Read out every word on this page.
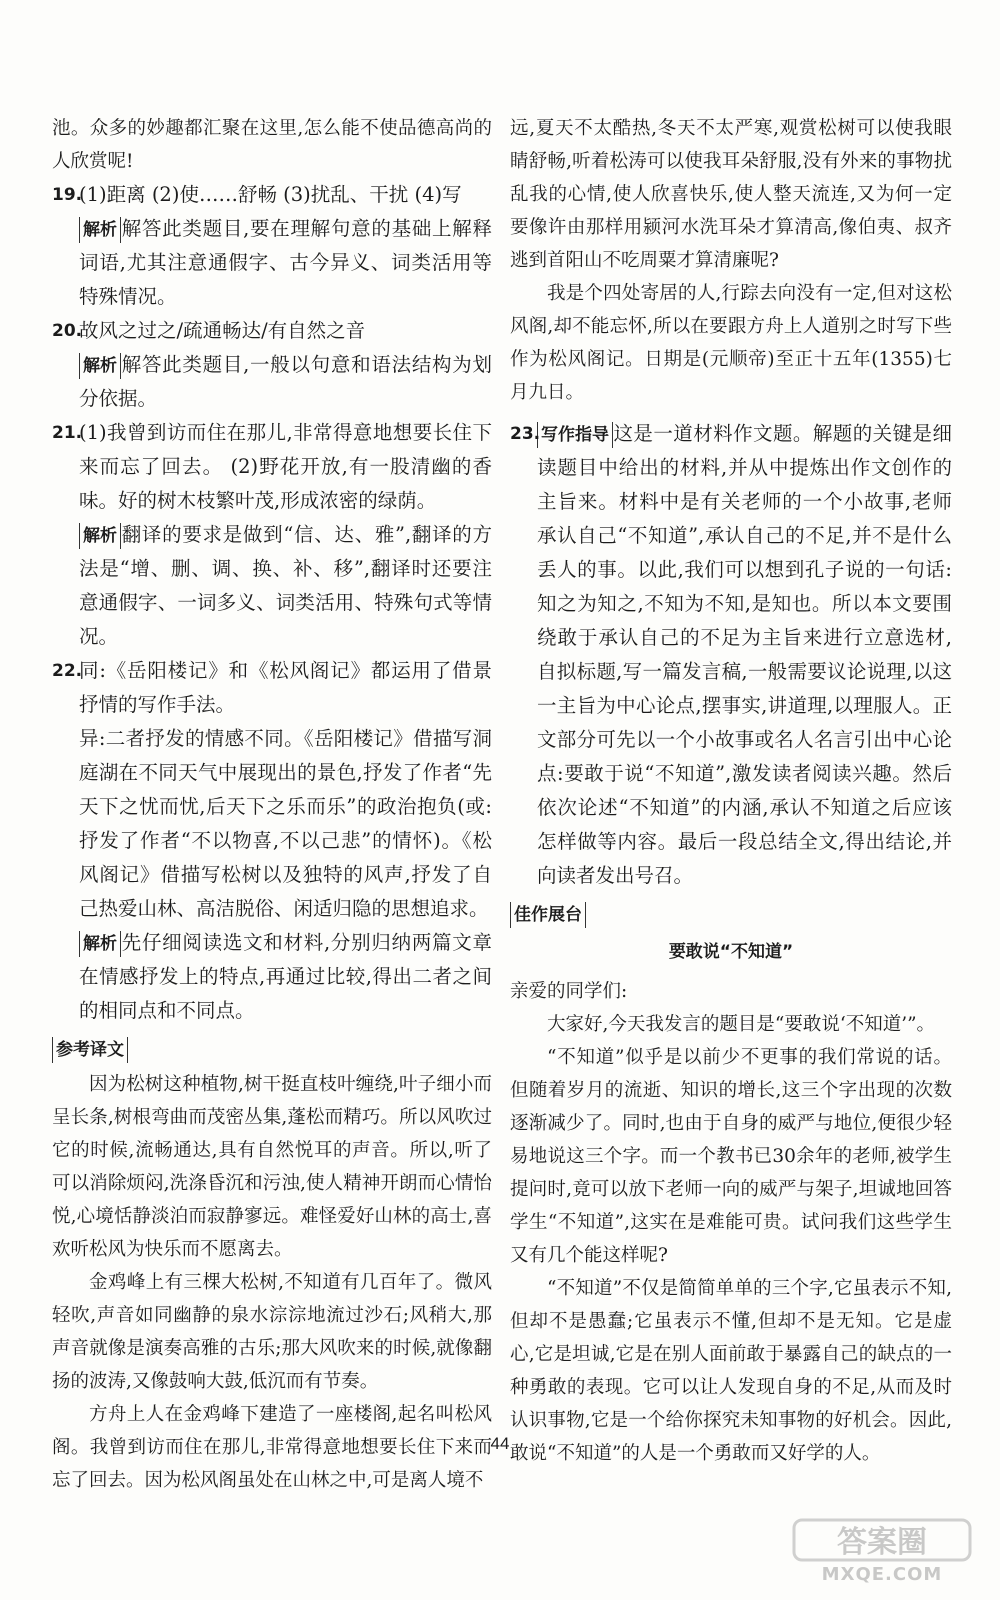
池。众多的妙趣都汇聚在这里,怎么能不使品德高尚的人欣赏呢!

19.

(1)距离 (2)使……舒畅 (3)扰乱、干扰 (4)写

解析 解答此类题目,要在理解句意的基础上解释词语,尤其注意通假字、古今异义、词类活用等特殊情况。

20.

故风之过之/疏通畅达/有自然之音

解析 解答此类题目,一般以句意和语法结构为划分依据。

21.

(1)我曾到访而住在那儿,非常得意地想要长住下来而忘了回去。 (2)野花开放,有一股清幽的香味。好的树木枝繁叶茂,形成浓密的绿荫。

解析 翻译的要求是做到“信、达、雅”,翻译的方法是“增、删、调、换、补、移”,翻译时还要注意通假字、一词多义、词类活用、特殊句式等情况。

22.

同:《岳阳楼记》和《松风阁记》都运用了借景抒情的写作手法。

异:二者抒发的情感不同。《岳阳楼记》借描写洞庭湖在不同天气中展现出的景色,抒发了作者“先天下之忧而忧,后天下之乐而乐”的政治抱负(或:抒发了作者“不以物喜,不以己悲”的情怀)。《松风阁记》借描写松树以及独特的风声,抒发了自己热爱山林、高洁脱俗、闲适归隐的思想追求。

解析 先仔细阅读选文和材料,分别归纳两篇文章在情感抒发上的特点,再通过比较,得出二者之间的相同点和不同点。

参考译文

因为松树这种植物,树干挺直枝叶缠绕,叶子细小而呈长条,树根弯曲而茂密丛集,蓬松而精巧。所以风吹过它的时候,流畅通达,具有自然悦耳的声音。所以,听了可以消除烦闷,洗涤昏沉和污浊,使人精神开朗而心情怡悦,心境恬静淡泊而寂静寥远。难怪爱好山林的高士,喜欢听松风为快乐而不愿离去。

金鸡峰上有三棵大松树,不知道有几百年了。微风轻吹,声音如同幽静的泉水淙淙地流过沙石;风稍大,那声音就像是演奏高雅的古乐;那大风吹来的时候,就像翻扬的波涛,又像鼓响大鼓,低沉而有节奏。

方舟上人在金鸡峰下建造了一座楼阁,起名叫松风阁。我曾到访而住在那儿,非常得意地想要长住下来而忘了回去。因为松风阁虽处在山林之中,可是离人境不

远,夏天不太酷热,冬天不太严寒,观赏松树可以使我眼睛舒畅,听着松涛可以使我耳朵舒服,没有外来的事物扰乱我的心情,使人欣喜快乐,使人整天流连,又为何一定要像许由那样用颍河水洗耳朵才算清高,像伯夷、叔齐逃到首阳山不吃周粟才算清廉呢?

我是个四处寄居的人,行踪去向没有一定,但对这松风阁,却不能忘怀,所以在要跟方舟上人道别之时写下些作为松风阁记。日期是(元顺帝)至正十五年(1355)七月九日。

23. 写作指导 这是一道材料作文题。解题的关键是细读题目中给出的材料,并从中提炼出作文创作的主旨来。材料中是有关老师的一个小故事,老师承认自己“不知道”,承认自己的不足,并不是什么丢人的事。以此,我们可以想到孔子说的一句话:知之为知之,不知为不知,是知也。所以本文要围绕敢于承认自己的不足为主旨来进行立意选材,自拟标题,写一篇发言稿,一般需要议论说理,以这一主旨为中心论点,摆事实,讲道理,以理服人。正文部分可先以一个小故事或名人名言引出中心论点:要敢于说“不知道”,激发读者阅读兴趣。然后依次论述“不知道”的内涵,承认不知道之后应该怎样做等内容。最后一段总结全文,得出结论,并向读者发出号召。

佳作展台
要敢说“不知道”

亲爱的同学们:

大家好,今天我发言的题目是“要敢说‘不知道’”。

“不知道”似乎是以前少不更事的我们常说的话。但随着岁月的流逝、知识的增长,这三个字出现的次数逐渐减少了。同时,也由于自身的威严与地位,便很少轻易地说这三个字。而一个教书已30余年的老师,被学生提问时,竟可以放下老师一向的威严与架子,坦诚地回答学生“不知道”,这实在是难能可贵。试问我们这些学生又有几个能这样呢?

“不知道”不仅是简简单单的三个字,它虽表示不知,但却不是愚蠢;它虽表示不懂,但却不是无知。它是虚心,它是坦诚,它是在别人面前敢于暴露自己的缺点的一种勇敢的表现。它可以让人发现自身的不足,从而及时认识事物,它是一个给你探究未知事物的好机会。因此,敢说“不知道”的人是一个勇敢而又好学的人。

44
答案圈
MXQE.COM
